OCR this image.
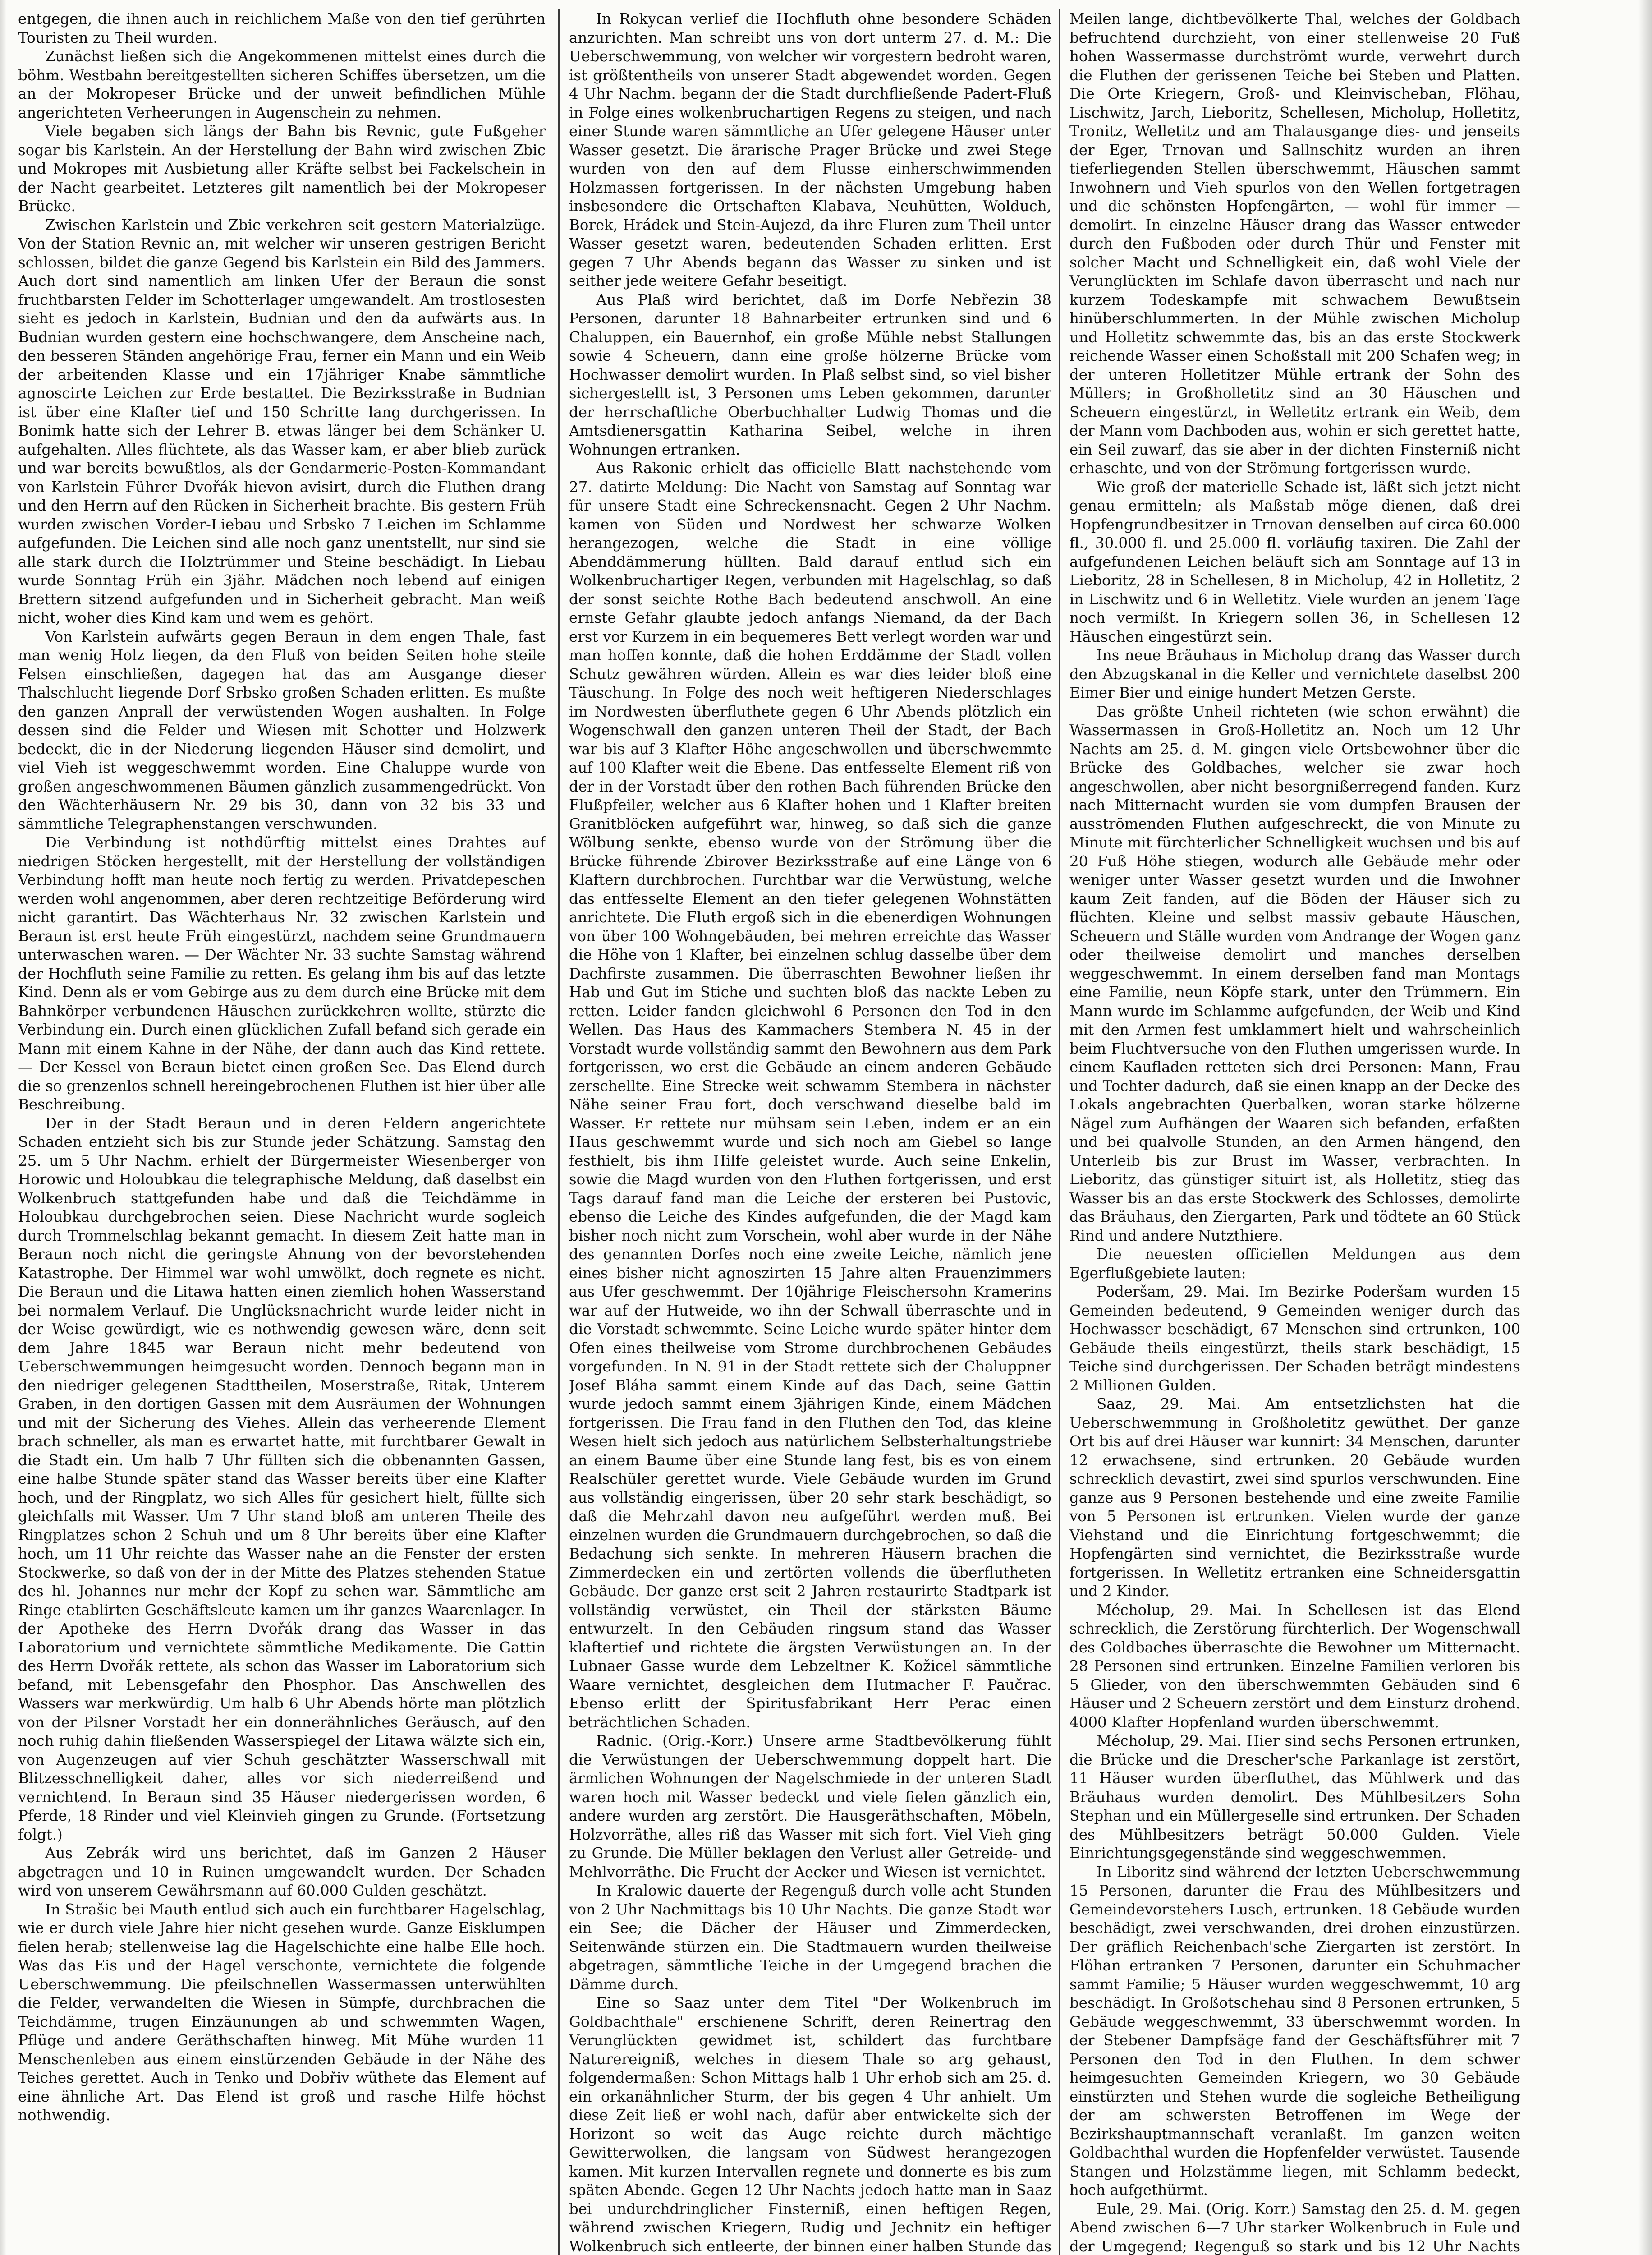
entgegen, die ihnen auch in reichlichem Maße von den tief gerührten Touristen zu Theil wurden.

Zunächst ließen sich die Angekommenen mittelst eines durch die böhm. Westbahn bereitgestellten sicheren Schiffes übersetzen, um die an der Mokropeser Brücke und der unweit befindlichen Mühle angerichteten Verheerungen in Augenschein zu nehmen.

Viele begaben sich längs der Bahn bis Revnic, gute Fußgeher sogar bis Karlstein. An der Herstellung der Bahn wird zwischen Zbic und Mokropes mit Ausbietung aller Kräfte selbst bei Fackelschein in der Nacht gearbeitet. Letzteres gilt namentlich bei der Mokropeser Brücke.

Zwischen Karlstein und Zbic verkehren seit gestern Materialzüge. Von der Station Revnic an, mit welcher wir unseren gestrigen Bericht schlossen, bildet die ganze Gegend bis Karlstein ein Bild des Jammers. Auch dort sind namentlich am linken Ufer der Beraun die sonst fruchtbarsten Felder im Schotterlager umgewandelt. Am trostlosesten sieht es jedoch in Karlstein, Budnian und den da aufwärts aus. In Budnian wurden gestern eine hochschwangere, dem Anscheine nach, den besseren Ständen angehörige Frau, ferner ein Mann und ein Weib der arbeitenden Klasse und ein 17jähriger Knabe sämmtliche agnoscirte Leichen zur Erde bestattet. Die Bezirksstraße in Budnian ist über eine Klafter tief und 150 Schritte lang durchgerissen. In Bonimk hatte sich der Lehrer B. etwas länger bei dem Schänker U. aufgehalten. Alles flüchtete, als das Wasser kam, er aber blieb zurück und war bereits bewußtlos, als der Gendarmerie-Posten-Kommandant von Karlstein Führer Dvořák hievon avisirt, durch die Fluthen drang und den Herrn auf den Rücken in Sicherheit brachte. Bis gestern Früh wurden zwischen Vorder-Liebau und Srbsko 7 Leichen im Schlamme aufgefunden. Die Leichen sind alle noch ganz unentstellt, nur sind sie alle stark durch die Holztrümmer und Steine beschädigt. In Liebau wurde Sonntag Früh ein 3jähr. Mädchen noch lebend auf einigen Brettern sitzend aufgefunden und in Sicherheit gebracht. Man weiß nicht, woher dies Kind kam und wem es gehört.

Von Karlstein aufwärts gegen Beraun in dem engen Thale, fast man wenig Holz liegen, da den Fluß von beiden Seiten hohe steile Felsen einschließen, dagegen hat das am Ausgange dieser Thalschlucht liegende Dorf Srbsko großen Schaden erlitten. Es mußte den ganzen Anprall der verwüstenden Wogen aushalten. In Folge dessen sind die Felder und Wiesen mit Schotter und Holzwerk bedeckt, die in der Niederung liegenden Häuser sind demolirt, und viel Vieh ist weggeschwemmt worden. Eine Chaluppe wurde von großen angeschwommenen Bäumen gänzlich zusammengedrückt. Von den Wächterhäusern Nr. 29 bis 30, dann von 32 bis 33 und sämmtliche Telegraphenstangen verschwunden.

Die Verbindung ist nothdürftig mittelst eines Drahtes auf niedrigen Stöcken hergestellt, mit der Herstellung der vollständigen Verbindung hofft man heute noch fertig zu werden. Privatdepeschen werden wohl angenommen, aber deren rechtzeitige Beförderung wird nicht garantirt. Das Wächterhaus Nr. 32 zwischen Karlstein und Beraun ist erst heute Früh eingestürzt, nachdem seine Grundmauern unterwaschen waren. — Der Wächter Nr. 33 suchte Samstag während der Hochfluth seine Familie zu retten. Es gelang ihm bis auf das letzte Kind. Denn als er vom Gebirge aus zu dem durch eine Brücke mit dem Bahnkörper verbundenen Häuschen zurückkehren wollte, stürzte die Verbindung ein. Durch einen glücklichen Zufall befand sich gerade ein Mann mit einem Kahne in der Nähe, der dann auch das Kind rettete. — Der Kessel von Beraun bietet einen großen See. Das Elend durch die so grenzenlos schnell hereingebrochenen Fluthen ist hier über alle Beschreibung.

Der in der Stadt Beraun und in deren Feldern angerichtete Schaden entzieht sich bis zur Stunde jeder Schätzung. Samstag den 25. um 5 Uhr Nachm. erhielt der Bürgermeister Wiesenberger von Horowic und Holoubkau die telegraphische Meldung, daß daselbst ein Wolkenbruch stattgefunden habe und daß die Teichdämme in Holoubkau durchgebrochen seien. Diese Nachricht wurde sogleich durch Trommelschlag bekannt gemacht. In diesem Zeit hatte man in Beraun noch nicht die geringste Ahnung von der bevorstehenden Katastrophe. Der Himmel war wohl umwölkt, doch regnete es nicht. Die Beraun und die Litawa hatten einen ziemlich hohen Wasserstand bei normalem Verlauf. Die Unglücksnachricht wurde leider nicht in der Weise gewürdigt, wie es nothwendig gewesen wäre, denn seit dem Jahre 1845 war Beraun nicht mehr bedeutend von Ueberschwemmungen heimgesucht worden. Dennoch begann man in den niedriger gelegenen Stadttheilen, Moserstraße, Ritak, Unterem Graben, in den dortigen Gassen mit dem Ausräumen der Wohnungen und mit der Sicherung des Viehes. Allein das verheerende Element brach schneller, als man es erwartet hatte, mit furchtbarer Gewalt in die Stadt ein. Um halb 7 Uhr füllten sich die obbenannten Gassen, eine halbe Stunde später stand das Wasser bereits über eine Klafter hoch, und der Ringplatz, wo sich Alles für gesichert hielt, füllte sich gleichfalls mit Wasser. Um 7 Uhr stand bloß am unteren Theile des Ringplatzes schon 2 Schuh und um 8 Uhr bereits über eine Klafter hoch, um 11 Uhr reichte das Wasser nahe an die Fenster der ersten Stockwerke, so daß von der in der Mitte des Platzes stehenden Statue des hl. Johannes nur mehr der Kopf zu sehen war. Sämmtliche am Ringe etablirten Geschäftsleute kamen um ihr ganzes Waarenlager. In der Apotheke des Herrn Dvořák drang das Wasser in das Laboratorium und vernichtete sämmtliche Medikamente. Die Gattin des Herrn Dvořák rettete, als schon das Wasser im Laboratorium sich befand, mit Lebensgefahr den Phosphor. Das Anschwellen des Wassers war merkwürdig. Um halb 6 Uhr Abends hörte man plötzlich von der Pilsner Vorstadt her ein donnerähnliches Geräusch, auf den noch ruhig dahin fließenden Wasserspiegel der Litawa wälzte sich ein, von Augenzeugen auf vier Schuh geschätzter Wasserschwall mit Blitzesschnelligkeit daher, alles vor sich niederreißend und vernichtend. In Beraun sind 35 Häuser niedergerissen worden, 6 Pferde, 18 Rinder und viel Kleinvieh gingen zu Grunde. (Fortsetzung folgt.)

Aus Zebrák wird uns berichtet, daß im Ganzen 2 Häuser abgetragen und 10 in Ruinen umgewandelt wurden. Der Schaden wird von unserem Gewährsmann auf 60.000 Gulden geschätzt.

In Strašic bei Mauth entlud sich auch ein furchtbarer Hagelschlag, wie er durch viele Jahre hier nicht gesehen wurde. Ganze Eisklumpen fielen herab; stellenweise lag die Hagelschichte eine halbe Elle hoch. Was das Eis und der Hagel verschonte, vernichtete die folgende Ueberschwemmung. Die pfeilschnellen Wassermassen unterwühlten die Felder, verwandelten die Wiesen in Sümpfe, durchbrachen die Teichdämme, trugen Einzäunungen ab und schwemmten Wagen, Pflüge und andere Geräthschaften hinweg. Mit Mühe wurden 11 Menschenleben aus einem einstürzenden Gebäude in der Nähe des Teiches gerettet. Auch in Tenko und Dobřiv wüthete das Element auf eine ähnliche Art. Das Elend ist groß und rasche Hilfe höchst nothwendig.

In Rokycan verlief die Hochfluth ohne besondere Schäden anzurichten. Man schreibt uns von dort unterm 27. d. M.: Die Ueberschwemmung, von welcher wir vorgestern bedroht waren, ist größtentheils von unserer Stadt abgewendet worden. Gegen 4 Uhr Nachm. begann der die Stadt durchfließende Padert-Fluß in Folge eines wolkenbruchartigen Regens zu steigen, und nach einer Stunde waren sämmtliche an Ufer gelegene Häuser unter Wasser gesetzt. Die ärarische Prager Brücke und zwei Stege wurden von den auf dem Flusse einherschwimmenden Holzmassen fortgerissen. In der nächsten Umgebung haben insbesondere die Ortschaften Klabava, Neuhütten, Wolduch, Borek, Hrádek und Stein-Aujezd, da ihre Fluren zum Theil unter Wasser gesetzt waren, bedeutenden Schaden erlitten. Erst gegen 7 Uhr Abends begann das Wasser zu sinken und ist seither jede weitere Gefahr beseitigt.

Aus Plaß wird berichtet, daß im Dorfe Nebřezin 38 Personen, darunter 18 Bahnarbeiter ertrunken sind und 6 Chaluppen, ein Bauernhof, ein große Mühle nebst Stallungen sowie 4 Scheuern, dann eine große hölzerne Brücke vom Hochwasser demolirt wurden. In Plaß selbst sind, so viel bisher sichergestellt ist, 3 Personen ums Leben gekommen, darunter der herrschaftliche Oberbuchhalter Ludwig Thomas und die Amtsdienersgattin Katharina Seibel, welche in ihren Wohnungen ertranken.

Aus Rakonic erhielt das officielle Blatt nachstehende vom 27. datirte Meldung: Die Nacht von Samstag auf Sonntag war für unsere Stadt eine Schreckensnacht. Gegen 2 Uhr Nachm. kamen von Süden und Nordwest her schwarze Wolken herangezogen, welche die Stadt in eine völlige Abenddämmerung hüllten. Bald darauf entlud sich ein Wolkenbruchartiger Regen, verbunden mit Hagelschlag, so daß der sonst seichte Rothe Bach bedeutend anschwoll. An eine ernste Gefahr glaubte jedoch anfangs Niemand, da der Bach erst vor Kurzem in ein bequemeres Bett verlegt worden war und man hoffen konnte, daß die hohen Erddämme der Stadt vollen Schutz gewähren würden. Allein es war dies leider bloß eine Täuschung. In Folge des noch weit heftigeren Niederschlages im Nordwesten überfluthete gegen 6 Uhr Abends plötzlich ein Wogenschwall den ganzen unteren Theil der Stadt, der Bach war bis auf 3 Klafter Höhe angeschwollen und überschwemmte auf 100 Klafter weit die Ebene. Das entfesselte Element riß von der in der Vorstadt über den rothen Bach führenden Brücke den Flußpfeiler, welcher aus 6 Klafter hohen und 1 Klafter breiten Granitblöcken aufgeführt war, hinweg, so daß sich die ganze Wölbung senkte, ebenso wurde von der Strömung über die Brücke führende Zbirover Bezirksstraße auf eine Länge von 6 Klaftern durchbrochen. Furchtbar war die Verwüstung, welche das entfesselte Element an den tiefer gelegenen Wohnstätten anrichtete. Die Fluth ergoß sich in die ebenerdigen Wohnungen von über 100 Wohngebäuden, bei mehren erreichte das Wasser die Höhe von 1 Klafter, bei einzelnen schlug dasselbe über dem Dachfirste zusammen. Die überraschten Bewohner ließen ihr Hab und Gut im Stiche und suchten bloß das nackte Leben zu retten. Leider fanden gleichwohl 6 Personen den Tod in den Wellen. Das Haus des Kammachers Stembera N. 45 in der Vorstadt wurde vollständig sammt den Bewohnern aus dem Park fortgerissen, wo erst die Gebäude an einem anderen Gebäude zerschellte. Eine Strecke weit schwamm Stembera in nächster Nähe seiner Frau fort, doch verschwand dieselbe bald im Wasser. Er rettete nur mühsam sein Leben, indem er an ein Haus geschwemmt wurde und sich noch am Giebel so lange festhielt, bis ihm Hilfe geleistet wurde. Auch seine Enkelin, sowie die Magd wurden von den Fluthen fortgerissen, und erst Tags darauf fand man die Leiche der ersteren bei Pustovic, ebenso die Leiche des Kindes aufgefunden, die der Magd kam bisher noch nicht zum Vorschein, wohl aber wurde in der Nähe des genannten Dorfes noch eine zweite Leiche, nämlich jene eines bisher nicht agnoszirten 15 Jahre alten Frauenzimmers aus Ufer geschwemmt. Der 10jährige Fleischersohn Kramerins war auf der Hutweide, wo ihn der Schwall überraschte und in die Vorstadt schwemmte. Seine Leiche wurde später hinter dem Ofen eines theilweise vom Strome durchbrochenen Gebäudes vorgefunden. In N. 91 in der Stadt rettete sich der Chaluppner Josef Bláha sammt einem Kinde auf das Dach, seine Gattin wurde jedoch sammt einem 3jährigen Kinde, einem Mädchen fortgerissen. Die Frau fand in den Fluthen den Tod, das kleine Wesen hielt sich jedoch aus natürlichem Selbsterhaltungstriebe an einem Baume über eine Stunde lang fest, bis es von einem Realschüler gerettet wurde. Viele Gebäude wurden im Grund aus vollständig eingerissen, über 20 sehr stark beschädigt, so daß die Mehrzahl davon neu aufgeführt werden muß. Bei einzelnen wurden die Grundmauern durchgebrochen, so daß die Bedachung sich senkte. In mehreren Häusern brachen die Zimmerdecken ein und zertörten vollends die überflutheten Gebäude. Der ganze erst seit 2 Jahren restaurirte Stadtpark ist vollständig verwüstet, ein Theil der stärksten Bäume entwurzelt. In den Gebäuden ringsum stand das Wasser klaftertief und richtete die ärgsten Verwüstungen an. In der Lubnaer Gasse wurde dem Lebzeltner K. Kožicel sämmtliche Waare vernichtet, desgleichen dem Hutmacher F. Paučrac. Ebenso erlitt der Spiritusfabrikant Herr Perac einen beträchtlichen Schaden.

Radnic. (Orig.-Korr.) Unsere arme Stadtbevölkerung fühlt die Verwüstungen der Ueberschwemmung doppelt hart. Die ärmlichen Wohnungen der Nagelschmiede in der unteren Stadt waren hoch mit Wasser bedeckt und viele fielen gänzlich ein, andere wurden arg zerstört. Die Hausgeräthschaften, Möbeln, Holzvorräthe, alles riß das Wasser mit sich fort. Viel Vieh ging zu Grunde. Die Müller beklagen den Verlust aller Getreide- und Mehlvorräthe. Die Frucht der Aecker und Wiesen ist vernichtet.

In Kralowic dauerte der Regenguß durch volle acht Stunden von 2 Uhr Nachmittags bis 10 Uhr Nachts. Die ganze Stadt war ein See; die Dächer der Häuser und Zimmerdecken, Seitenwände stürzen ein. Die Stadtmauern wurden theilweise abgetragen, sämmtliche Teiche in der Umgegend brachen die Dämme durch.

Eine so Saaz unter dem Titel "Der Wolkenbruch im Goldbachthale" erschienene Schrift, deren Reinertrag den Verunglückten gewidmet ist, schildert das furchtbare Naturereigniß, welches in diesem Thale so arg gehaust, folgendermaßen: Schon Mittags halb 1 Uhr erhob sich am 25. d. ein orkanähnlicher Sturm, der bis gegen 4 Uhr anhielt. Um diese Zeit ließ er wohl nach, dafür aber entwickelte sich der Horizont so weit das Auge reichte durch mächtige Gewitterwolken, die langsam von Südwest herangezogen kamen. Mit kurzen Intervallen regnete und donnerte es bis zum späten Abende. Gegen 12 Uhr Nachts jedoch hatte man in Saaz bei undurchdringlicher Finsterniß, einen heftigen Regen, während zwischen Kriegern, Rudig und Jechnitz ein heftiger Wolkenbruch sich entleerte, der binnen einer halben Stunde das

Meilen lange, dichtbevölkerte Thal, welches der Goldbach befruchtend durchzieht, von einer stellenweise 20 Fuß hohen Wassermasse durchströmt wurde, verwehrt durch die Fluthen der gerissenen Teiche bei Steben und Platten. Die Orte Kriegern, Groß- und Kleinvischeban, Flöhau, Lischwitz, Jarch, Lieboritz, Schellesen, Micholup, Holletitz, Tronitz, Welletitz und am Thalausgange dies- und jenseits der Eger, Trnovan und Sallnschitz wurden an ihren tieferliegenden Stellen überschwemmt, Häuschen sammt Inwohnern und Vieh spurlos von den Wellen fortgetragen und die schönsten Hopfengärten, — wohl für immer — demolirt. In einzelne Häuser drang das Wasser entweder durch den Fußboden oder durch Thür und Fenster mit solcher Macht und Schnelligkeit ein, daß wohl Viele der Verunglückten im Schlafe davon überrascht und nach nur kurzem Todeskampfe mit schwachem Bewußtsein hinüberschlummerten. In der Mühle zwischen Micholup und Holletitz schwemmte das, bis an das erste Stockwerk reichende Wasser einen Schoßstall mit 200 Schafen weg; in der unteren Holletitzer Mühle ertrank der Sohn des Müllers; in Großholletitz sind an 30 Häuschen und Scheuern eingestürzt, in Welletitz ertrank ein Weib, dem der Mann vom Dachboden aus, wohin er sich gerettet hatte, ein Seil zuwarf, das sie aber in der dichten Finsterniß nicht erhaschte, und von der Strömung fortgerissen wurde.

Wie groß der materielle Schade ist, läßt sich jetzt nicht genau ermitteln; als Maßstab möge dienen, daß drei Hopfengrundbesitzer in Trnovan denselben auf circa 60.000 fl., 30.000 fl. und 25.000 fl. vorläufig taxiren. Die Zahl der aufgefundenen Leichen beläuft sich am Sonntage auf 13 in Lieboritz, 28 in Schellesen, 8 in Micholup, 42 in Holletitz, 2 in Lischwitz und 6 in Welletitz. Viele wurden an jenem Tage noch vermißt. In Kriegern sollen 36, in Schellesen 12 Häuschen eingestürzt sein.

Ins neue Bräuhaus in Micholup drang das Wasser durch den Abzugskanal in die Keller und vernichtete daselbst 200 Eimer Bier und einige hundert Metzen Gerste.

Das größte Unheil richteten (wie schon erwähnt) die Wassermassen in Groß-Holletitz an. Noch um 12 Uhr Nachts am 25. d. M. gingen viele Ortsbewohner über die Brücke des Goldbaches, welcher sie zwar hoch angeschwollen, aber nicht besorgnißerregend fanden. Kurz nach Mitternacht wurden sie vom dumpfen Brausen der ausströmenden Fluthen aufgeschreckt, die von Minute zu Minute mit fürchterlicher Schnelligkeit wuchsen und bis auf 20 Fuß Höhe stiegen, wodurch alle Gebäude mehr oder weniger unter Wasser gesetzt wurden und die Inwohner kaum Zeit fanden, auf die Böden der Häuser sich zu flüchten. Kleine und selbst massiv gebaute Häuschen, Scheuern und Ställe wurden vom Andrange der Wogen ganz oder theilweise demolirt und manches derselben weggeschwemmt. In einem derselben fand man Montags eine Familie, neun Köpfe stark, unter den Trümmern. Ein Mann wurde im Schlamme aufgefunden, der Weib und Kind mit den Armen fest umklammert hielt und wahrscheinlich beim Fluchtversuche von den Fluthen umgerissen wurde. In einem Kaufladen retteten sich drei Personen: Mann, Frau und Tochter dadurch, daß sie einen knapp an der Decke des Lokals angebrachten Querbalken, woran starke hölzerne Nägel zum Aufhängen der Waaren sich befanden, erfaßten und bei qualvolle Stunden, an den Armen hängend, den Unterleib bis zur Brust im Wasser, verbrachten. In Lieboritz, das günstiger situirt ist, als Holletitz, stieg das Wasser bis an das erste Stockwerk des Schlosses, demolirte das Bräuhaus, den Ziergarten, Park und tödtete an 60 Stück Rind und andere Nutzthiere.

Die neuesten officiellen Meldungen aus dem Egerflußgebiete lauten:

Poderšam, 29. Mai. Im Bezirke Poderšam wurden 15 Gemeinden bedeutend, 9 Gemeinden weniger durch das Hochwasser beschädigt, 67 Menschen sind ertrunken, 100 Gebäude theils eingestürzt, theils stark beschädigt, 15 Teiche sind durchgerissen. Der Schaden beträgt mindestens 2 Millionen Gulden.

Saaz, 29. Mai. Am entsetzlichsten hat die Ueberschwemmung in Großholetitz gewüthet. Der ganze Ort bis auf drei Häuser war kunnirt: 34 Menschen, darunter 12 erwachsene, sind ertrunken. 20 Gebäude wurden schrecklich devastirt, zwei sind spurlos verschwunden. Eine ganze aus 9 Personen bestehende und eine zweite Familie von 5 Personen ist ertrunken. Vielen wurde der ganze Viehstand und die Einrichtung fortgeschwemmt; die Hopfengärten sind vernichtet, die Bezirksstraße wurde fortgerissen. In Welletitz ertranken eine Schneidersgattin und 2 Kinder.

Mécholup, 29. Mai. In Schellesen ist das Elend schrecklich, die Zerstörung fürchterlich. Der Wogenschwall des Goldbaches überraschte die Bewohner um Mitternacht. 28 Personen sind ertrunken. Einzelne Familien verloren bis 5 Glieder, von den überschwemmten Gebäuden sind 6 Häuser und 2 Scheuern zerstört und dem Einsturz drohend. 4000 Klafter Hopfenland wurden überschwemmt.

Mécholup, 29. Mai. Hier sind sechs Personen ertrunken, die Brücke und die Drescher'sche Parkanlage ist zerstört, 11 Häuser wurden überfluthet, das Mühlwerk und das Bräuhaus wurden demolirt. Des Mühlbesitzers Sohn Stephan und ein Müllergeselle sind ertrunken. Der Schaden des Mühlbesitzers beträgt 50.000 Gulden. Viele Einrichtungsgegenstände sind weggeschwemmen.

In Liboritz sind während der letzten Ueberschwemmung 15 Personen, darunter die Frau des Mühlbesitzers und Gemeindevorstehers Lusch, ertrunken. 18 Gebäude wurden beschädigt, zwei verschwanden, drei drohen einzustürzen. Der gräflich Reichenbach'sche Ziergarten ist zerstört. In Flöhan ertranken 7 Personen, darunter ein Schuhmacher sammt Familie; 5 Häuser wurden weggeschwemmt, 10 arg beschädigt. In Großotschehau sind 8 Personen ertrunken, 5 Gebäude weggeschwemmt, 33 überschwemmt worden. In der Stebener Dampfsäge fand der Geschäftsführer mit 7 Personen den Tod in den Fluthen. In dem schwer heimgesuchten Gemeinden Kriegern, wo 30 Gebäude einstürzten und Stehen wurde die sogleiche Betheiligung der am schwersten Betroffenen im Wege der Bezirkshauptmannschaft veranlaßt. Im ganzen weiten Goldbachthal wurden die Hopfenfelder verwüstet. Tausende Stangen und Holzstämme liegen, mit Schlamm bedeckt, hoch aufgethürmt.

Eule, 29. Mai. (Orig. Korr.) Samstag den 25. d. M. gegen Abend zwischen 6—7 Uhr starker Wolkenbruch in Eule und der Umgegend; Regenguß so stark und bis 12 Uhr Nachts
